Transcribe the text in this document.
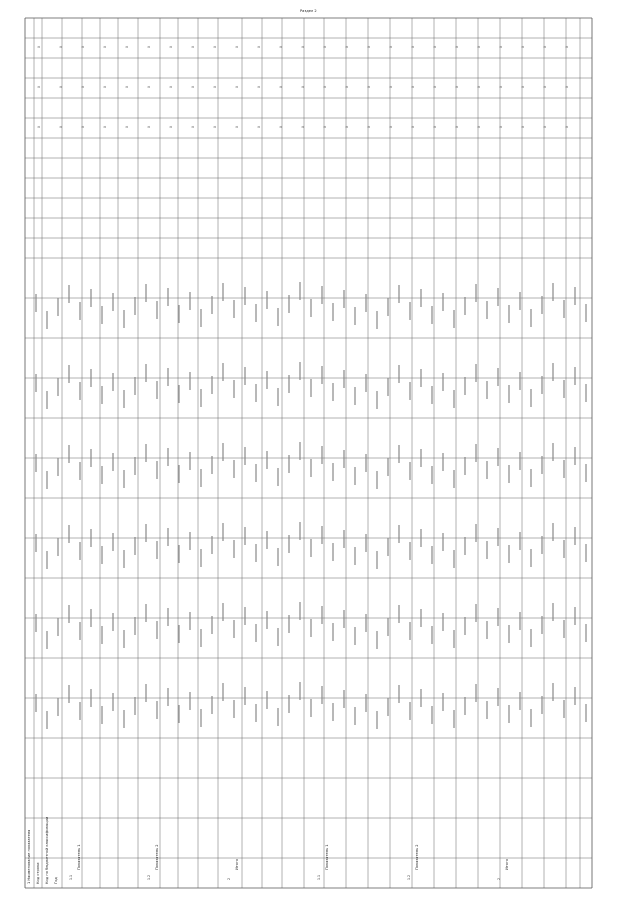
1.1
Показатель 1
1.2
Показатель 2
2
Итого
1.1
Показатель 1
1.2
Показатель 2
2
Итого
X
X
X
X
X
X
X
X
X
X
X
X
X
X
X
X
X
X
X
X
X
X
X
X
X
X
X
X
X
X
X
X
X
X
X
X
X
X
X
X
X
X
X
X
X
X
X
X
X
X
X
X
X
X
X
X
X
X
X
X
X
X
X
X
X
X
X
X
X
X
X
X
X
X
X
1 Наименование показателя Код строки Код по бюджетной классификации Год
Раздел 2
